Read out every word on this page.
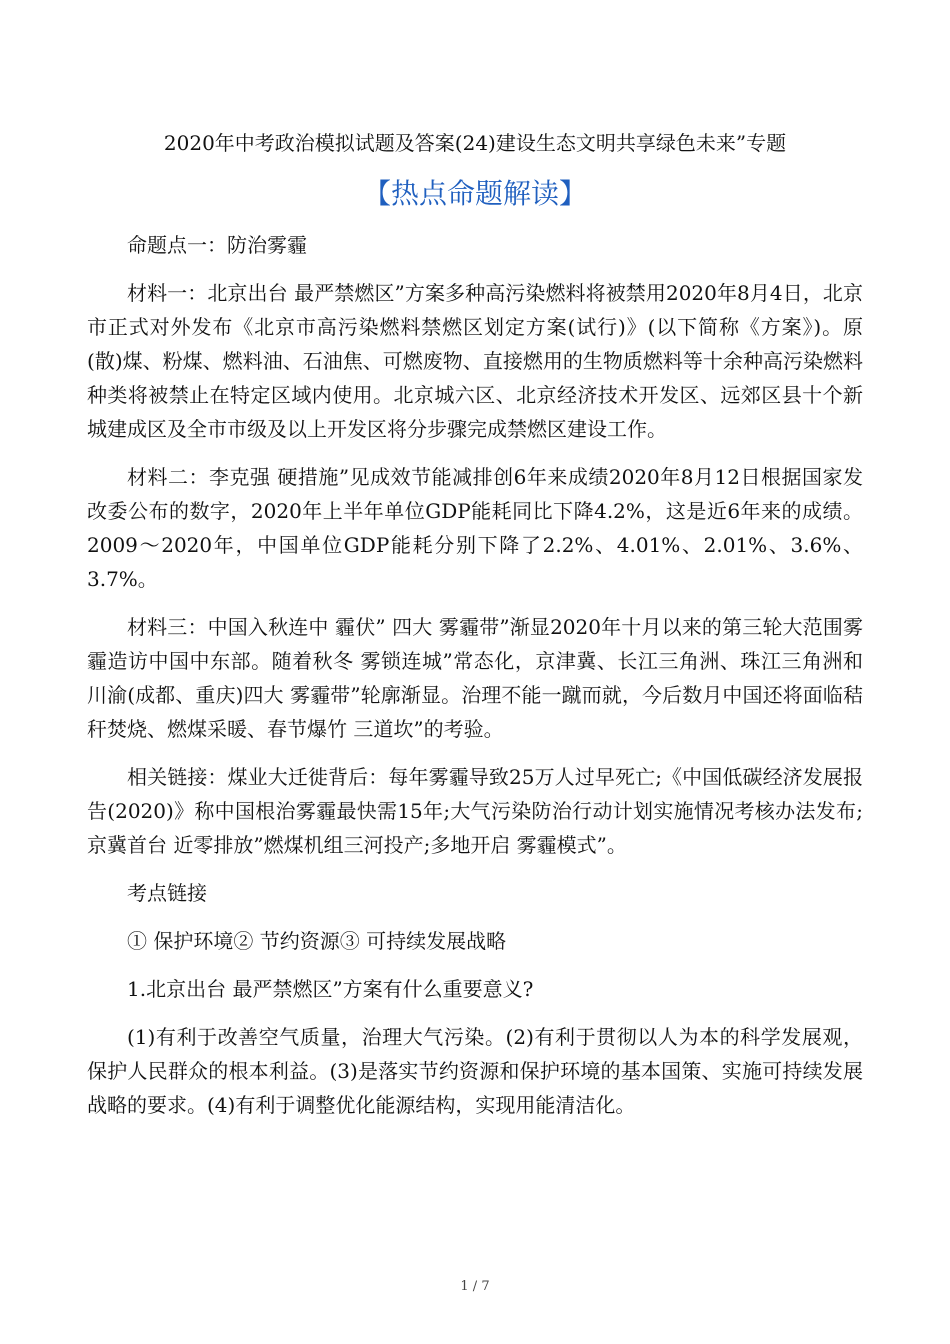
2020年中考政治模拟试题及答案(24)建设生态文明共享绿色未来”专题
【热点命题解读】

命题点一：防治雾霾

材料一：北京出台 最严禁燃区”方案多种高污染燃料将被禁用2020年8月4日，北京市正式对外发布《北京市高污染燃料禁燃区划定方案(试行)》(以下简称《方案》)。原(散)煤、粉煤、燃料油、石油焦、可燃废物、直接燃用的生物质燃料等十余种高污染燃料种类将被禁止在特定区域内使用。北京城六区、北京经济技术开发区、远郊区县十个新城建成区及全市市级及以上开发区将分步骤完成禁燃区建设工作。

材料二：李克强 硬措施”见成效节能减排创6年来成绩2020年8月12日根据国家发改委公布的数字，2020年上半年单位GDP能耗同比下降4.2%，这是近6年来的成绩。2009～2020年，中国单位GDP能耗分别下降了2.2%、4.01%、2.01%、3.6%、3.7%。

材料三：中国入秋连中 霾伏” 四大 雾霾带”渐显2020年十月以来的第三轮大范围雾霾造访中国中东部。随着秋冬 雾锁连城”常态化，京津冀、长江三角洲、珠江三角洲和川渝(成都、重庆)四大 雾霾带”轮廓渐显。治理不能一蹴而就，今后数月中国还将面临秸秆焚烧、燃煤采暖、春节爆竹 三道坎”的考验。

相关链接：煤业大迁徙背后：每年雾霾导致25万人过早死亡;《中国低碳经济发展报告(2020)》称中国根治雾霾最快需15年;大气污染防治行动计划实施情况考核办法发布;京冀首台 近零排放”燃煤机组三河投产;多地开启 雾霾模式”。

考点链接

① 保护环境② 节约资源③ 可持续发展战略

1.北京出台 最严禁燃区”方案有什么重要意义?

(1)有利于改善空气质量，治理大气污染。(2)有利于贯彻以人为本的科学发展观，保护人民群众的根本利益。(3)是落实节约资源和保护环境的基本国策、实施可持续发展战略的要求。(4)有利于调整优化能源结构，实现用能清洁化。

1 / 7
